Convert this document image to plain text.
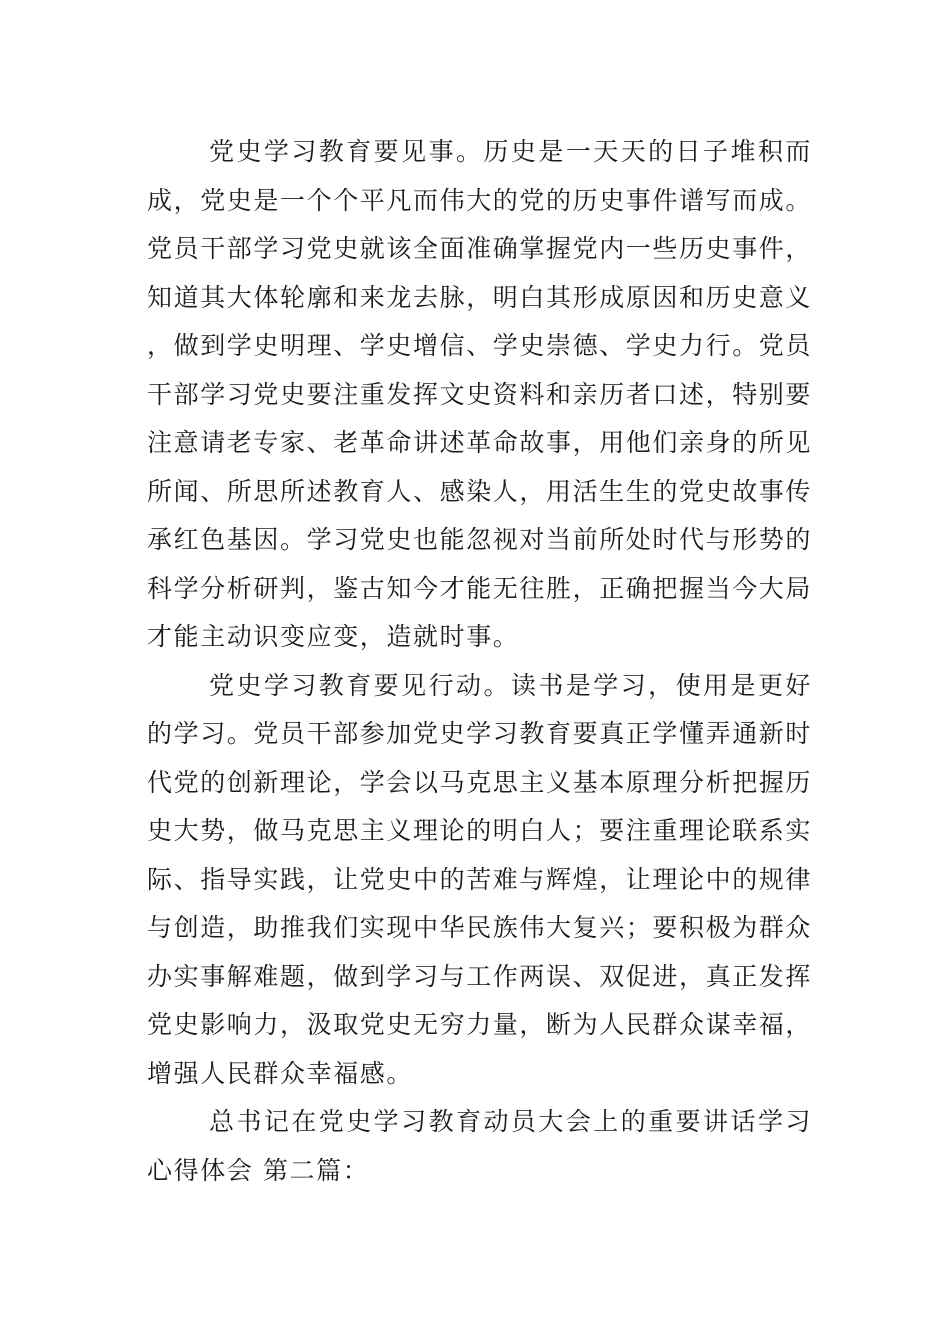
党史学习教育要见事。历史是一天天的日子堆积而成，党史是一个个平凡而伟大的党的历史事件谱写而成。党员干部学习党史就该全面准确掌握党内一些历史事件，知道其大体轮廓和来龙去脉，明白其形成原因和历史意义，做到学史明理、学史增信、学史崇德、学史力行。党员干部学习党史要注重发挥文史资料和亲历者口述，特别要注意请老专家、老革命讲述革命故事，用他们亲身的所见所闻、所思所述教育人、感染人，用活生生的党史故事传承红色基因。学习党史也能忽视对当前所处时代与形势的科学分析研判，鉴古知今才能无往胜，正确把握当今大局才能主动识变应变，造就时事。

党史学习教育要见行动。读书是学习，使用是更好的学习。党员干部参加党史学习教育要真正学懂弄通新时代党的创新理论，学会以马克思主义基本原理分析把握历史大势，做马克思主义理论的明白人；要注重理论联系实际、指导实践，让党史中的苦难与辉煌，让理论中的规律与创造，助推我们实现中华民族伟大复兴；要积极为群众办实事解难题，做到学习与工作两误、双促进，真正发挥党史影响力，汲取党史无穷力量，断为人民群众谋幸福，增强人民群众幸福感。

总书记在党史学习教育动员大会上的重要讲话学习心得体会 第二篇：
